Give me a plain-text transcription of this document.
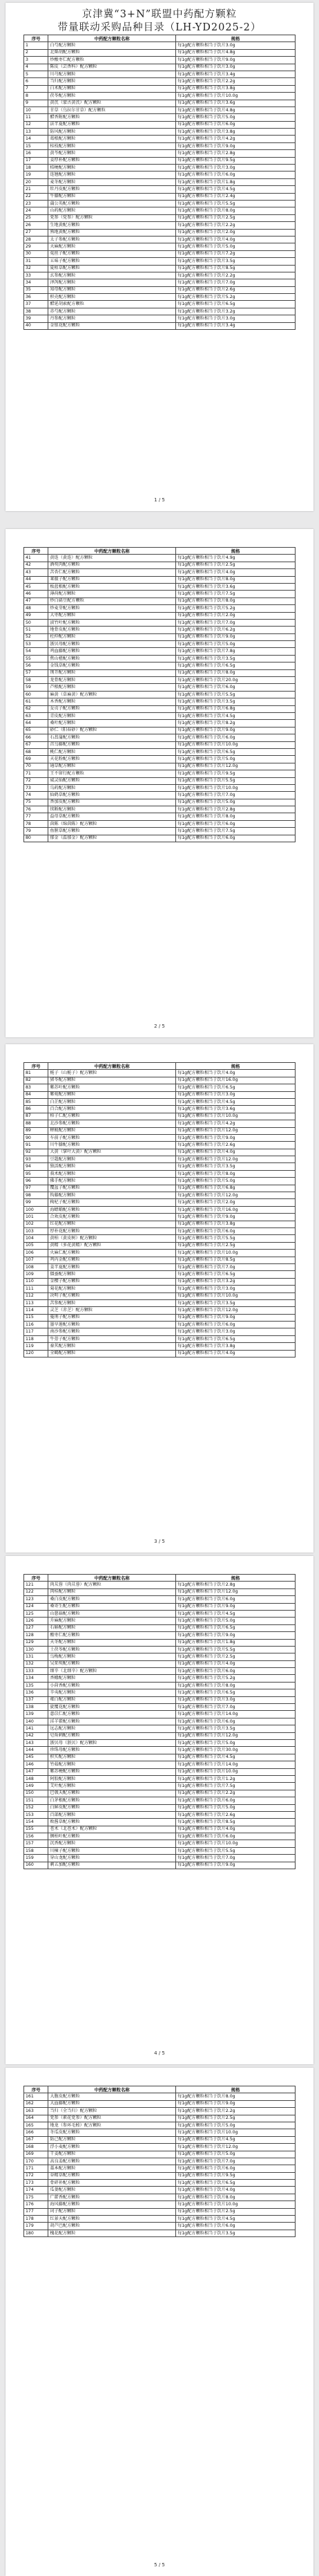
京津冀“3+N”联盟中药配方颗粒
带量联动采购品种目录（LH-YD2025-2）
序号	中药配方颗粒名称	规格
1	白芍配方颗粒	每1g配方颗粒相当于饮片3.0g
2	北柴胡配方颗粒	每1g配方颗粒相当于饮片4.8g
3	炒酸枣仁配方颗粒	每1g配方颗粒相当于饮片9.0g
4	陈皮（芸香科）配方颗粒	每1g配方颗粒相当于饮片3.0g
5	川芎配方颗粒	每1g配方颗粒相当于饮片3.4g
6	当归配方颗粒	每1g配方颗粒相当于饮片2.2g
7	白术配方颗粒	每1g配方颗粒相当于饮片3.8g
8	茯苓配方颗粒	每1g配方颗粒相当于饮片10.0g
9	黄芪（蒙古黄芪）配方颗粒	每1g配方颗粒相当于饮片3.6g
10	甘草（乌拉尔甘草）配方颗粒	每1g配方颗粒相当于饮片4.8g
11	醋香附配方颗粒	每1g配方颗粒相当于饮片5.0g
12	法半夏配方颗粒	每1g配方颗粒相当于饮片6.0g
13	防风配方颗粒	每1g配方颗粒相当于饮片3.8g
14	葛根配方颗粒	每1g配方颗粒相当于饮片4.2g
15	桂枝配方颗粒	每1g配方颗粒相当于饮片9.0g
16	黄芩配方颗粒	每1g配方颗粒相当于饮片2.8g
17	姜厚朴配方颗粒	每1g配方颗粒相当于饮片9.5g
18	桔梗配方颗粒	每1g配方颗粒相当于饮片3.0g
19	连翘配方颗粒	每1g配方颗粒相当于饮片6.0g
20	麦冬配方颗粒	每1g配方颗粒相当于饮片1.8g
21	牡丹皮配方颗粒	每1g配方颗粒相当于饮片4.5g
22	牛膝配方颗粒	每1g配方颗粒相当于饮片2.4g
23	蒲公英配方颗粒	每1g配方颗粒相当于饮片5.5g
24	山药配方颗粒	每1g配方颗粒相当于饮片8.0g
25	党参（党参）配方颗粒	每1g配方颗粒相当于饮片2.5g
26	生地黄配方颗粒	每1g配方颗粒相当于饮片2.2g
27	熟地黄配方颗粒	每1g配方颗粒相当于饮片2.0g
28	太子参配方颗粒	每1g配方颗粒相当于饮片4.0g
29	天麻配方颗粒	每1g配方颗粒相当于饮片5.0g
30	菟丝子配方颗粒	每1g配方颗粒相当于饮片7.2g
31	五味子配方颗粒	每1g配方颗粒相当于饮片3.5g
32	夏枯草配方颗粒	每1g配方颗粒相当于饮片8.5g
33	玄参配方颗粒	每1g配方颗粒相当于饮片2.2g
34	泽泻配方颗粒	每1g配方颗粒相当于饮片7.0g
35	知母配方颗粒	每1g配方颗粒相当于饮片2.6g
36	枳壳配方颗粒	每1g配方颗粒相当于饮片5.2g
37	醋延胡索配方颗粒	每1g配方颗粒相当于饮片6.5g
38	赤芍配方颗粒	每1g配方颗粒相当于饮片3.2g
39	丹参配方颗粒	每1g配方颗粒相当于饮片3.0g
40	金银花配方颗粒	每1g配方颗粒相当于饮片3.4g
1 / 5
序号	中药配方颗粒名称	规格
41	黄连（黄连）配方颗粒	每1g配方颗粒相当于饮片4.9g
42	酒萸肉配方颗粒	每1g配方颗粒相当于饮片2.5g
43	苦杏仁配方颗粒	每1g配方颗粒相当于饮片4.0g
44	莱菔子配方颗粒	每1g配方颗粒相当于饮片8.0g
45	板蓝根配方颗粒	每1g配方颗粒相当于饮片3.6g
46	薄荷配方颗粒	每1g配方颗粒相当于饮片7.5g
47	炒白扁豆配方颗粒	每1g配方颗粒相当于饮片8.0g
48	炒麦芽配方颗粒	每1g配方颗粒相当于饮片5.2g
49	大枣配方颗粒	每1g配方颗粒相当于饮片2.0g
50	淡竹叶配方颗粒	每1g配方颗粒相当于饮片7.0g
51	地骨皮配方颗粒	每1g配方颗粒相当于饮片6.2g
52	杜仲配方颗粒	每1g配方颗粒相当于饮片9.0g
53	浙贝母配方颗粒	每1g配方颗粒相当于饮片5.0g
54	鸡血藤配方颗粒	每1g配方颗粒相当于饮片7.8g
55	焦山楂配方颗粒	每1g配方颗粒相当于饮片3.5g
56	金钱草配方颗粒	每1g配方颗粒相当于饮片6.5g
57	荆芥配方颗粒	每1g配方颗粒相当于饮片8.0g
58	龙骨配方颗粒	每1g配方颗粒相当于饮片20.0g
59	芦根配方颗粒	每1g配方颗粒相当于饮片6.0g
60	麻黄（草麻黄）配方颗粒	每1g配方颗粒相当于饮片5.5g
61	木香配方颗粒	每1g配方颗粒相当于饮片3.5g
62	女贞子配方颗粒	每1g配方颗粒相当于饮片6.8g
63	青皮配方颗粒	每1g配方颗粒相当于饮片4.5g
64	桑叶配方颗粒	每1g配方颗粒相当于饮片8.2g
65	砂仁（阳春砂）配方颗粒	每1g配方颗粒相当于饮片9.0g
66	石菖蒲配方颗粒	每1g配方颗粒相当于饮片6.0g
67	首乌藤配方颗粒	每1g配方颗粒相当于饮片10.0g
68	桃仁配方颗粒	每1g配方颗粒相当于饮片6.5g
69	天花粉配方颗粒	每1g配方颗粒相当于饮片5.0g
70	通草配方颗粒	每1g配方颗粒相当于饮片12.0g
71	王不留行配方颗粒	每1g配方颗粒相当于饮片9.5g
72	威灵仙配方颗粒	每1g配方颗粒相当于饮片5.5g
73	乌药配方颗粒	每1g配方颗粒相当于饮片10.0g
74	仙鹤草配方颗粒	每1g配方颗粒相当于饮片7.0g
75	香加皮配方颗粒	每1g配方颗粒相当于饮片5.0g
76	续断配方颗粒	每1g配方颗粒相当于饮片2.8g
77	益母草配方颗粒	每1g配方颗粒相当于饮片8.0g
78	茵陈（绵茵陈）配方颗粒	每1g配方颗粒相当于饮片6.0g
79	鱼腥草配方颗粒	每1g配方颗粒相当于饮片7.5g
80	郁金（温郁金）配方颗粒	每1g配方颗粒相当于饮片6.0g
2 / 5
序号	中药配方颗粒名称	规格
81	栀子（山栀子）配方颗粒	每1g配方颗粒相当于饮片4.0g
82	猪苓配方颗粒	每1g配方颗粒相当于饮片16.0g
83	紫苏叶配方颗粒	每1g配方颗粒相当于饮片6.5g
84	紫菀配方颗粒	每1g配方颗粒相当于饮片3.0g
85	白芷配方颗粒	每1g配方颗粒相当于饮片4.5g
86	百合配方颗粒	每1g配方颗粒相当于饮片3.6g
87	柏子仁配方颗粒	每1g配方颗粒相当于饮片10.0g
88	北沙参配方颗粒	每1g配方颗粒相当于饮片4.2g
89	蝉蜕配方颗粒	每1g配方颗粒相当于饮片12.0g
90	车前子配方颗粒	每1g配方颗粒相当于饮片9.0g
91	川牛膝配方颗粒	每1g配方颗粒相当于饮片2.6g
92	大黄（掌叶大黄）配方颗粒	每1g配方颗粒相当于饮片4.0g
93	豆蔻配方颗粒	每1g配方颗粒相当于饮片12.0g
94	独活配方颗粒	每1g配方颗粒相当于饮片3.5g
95	莪术配方颗粒	每1g配方颗粒相当于饮片8.0g
96	佛手配方颗粒	每1g配方颗粒相当于饮片5.0g
97	覆盆子配方颗粒	每1g配方颗粒相当于饮片6.8g
98	钩藤配方颗粒	每1g配方颗粒相当于饮片12.0g
99	枸杞子配方颗粒	每1g配方颗粒相当于饮片2.0g
100	海螵蛸配方颗粒	每1g配方颗粒相当于饮片16.0g
101	合欢皮配方颗粒	每1g配方颗粒相当于饮片9.0g
102	红花配方颗粒	每1g配方颗粒相当于饮片3.8g
103	厚朴花配方颗粒	每1g配方颗粒相当于饮片6.0g
104	黄柏（黄皮树）配方颗粒	每1g配方颗粒相当于饮片5.5g
105	黄精（多花黄精）配方颗粒	每1g配方颗粒相当于饮片2.5g
106	火麻仁配方颗粒	每1g配方颗粒相当于饮片10.0g
107	鸡内金配方颗粒	每1g配方颗粒相当于饮片8.5g
108	姜半夏配方颗粒	每1g配方颗粒相当于饮片7.0g
109	僵蚕配方颗粒	每1g配方颗粒相当于饮片6.5g
110	金樱子配方颗粒	每1g配方颗粒相当于饮片3.2g
111	菊花配方颗粒	每1g配方颗粒相当于饮片3.0g
112	决明子配方颗粒	每1g配方颗粒相当于饮片10.0g
113	苦参配方颗粒	每1g配方颗粒相当于饮片3.5g
114	灵芝（赤芝）配方颗粒	每1g配方颗粒相当于饮片12.0g
115	蔓荆子配方颗粒	每1g配方颗粒相当于饮片9.0g
116	墨旱莲配方颗粒	每1g配方颗粒相当于饮片6.0g
117	南沙参配方颗粒	每1g配方颗粒相当于饮片3.0g
118	牛蒡子配方颗粒	每1g配方颗粒相当于饮片6.5g
119	秦艽配方颗粒	每1g配方颗粒相当于饮片3.8g
120	全蝎配方颗粒	每1g配方颗粒相当于饮片4.0g
3 / 5
序号	中药配方颗粒名称	规格
121	肉苁蓉（肉苁蓉）配方颗粒	每1g配方颗粒相当于饮片2.8g
122	肉桂配方颗粒	每1g配方颗粒相当于饮片12.0g
123	桑白皮配方颗粒	每1g配方颗粒相当于饮片6.0g
124	桑寄生配方颗粒	每1g配方颗粒相当于饮片9.0g
125	山慈菇配方颗粒	每1g配方颗粒相当于饮片4.5g
126	升麻配方颗粒	每1g配方颗粒相当于饮片5.0g
127	石斛配方颗粒	每1g配方颗粒相当于饮片6.5g
128	酸枣仁配方颗粒	每1g配方颗粒相当于饮片9.0g
129	天冬配方颗粒	每1g配方颗粒相当于饮片1.8g
130	土茯苓配方颗粒	每1g配方颗粒相当于饮片5.5g
131	乌梅配方颗粒	每1g配方颗粒相当于饮片2.5g
132	吴茱萸配方颗粒	每1g配方颗粒相当于饮片4.0g
133	细辛（北细辛）配方颗粒	每1g配方颗粒相当于饮片6.0g
134	香橼配方颗粒	每1g配方颗粒相当于饮片5.2g
135	小茴香配方颗粒	每1g配方颗粒相当于饮片8.0g
136	辛夷配方颗粒	每1g配方颗粒相当于饮片6.5g
137	薤白配方颗粒	每1g配方颗粒相当于饮片3.0g
138	旋覆花配方颗粒	每1g配方颗粒相当于饮片7.0g
139	薏苡仁配方颗粒	每1g配方颗粒相当于饮片14.0g
140	淫羊藿配方颗粒	每1g配方颗粒相当于饮片6.0g
141	远志配方颗粒	每1g配方颗粒相当于饮片3.5g
142	皂角刺配方颗粒	每1g配方颗粒相当于饮片12.0g
143	浙贝母（浙贝）配方颗粒	每1g配方颗粒相当于饮片5.0g
144	珍珠母配方颗粒	每1g配方颗粒相当于饮片30.0g
145	枳实配方颗粒	每1g配方颗粒相当于饮片4.5g
146	竹茹配方颗粒	每1g配方颗粒相当于饮片14.0g
147	紫苏梗配方颗粒	每1g配方颗粒相当于饮片10.0g
148	阿胶配方颗粒	每1g配方颗粒相当于饮片1.2g
149	艾叶配方颗粒	每1g配方颗粒相当于饮片7.5g
150	巴戟天配方颗粒	每1g配方颗粒相当于饮片2.2g
151	白茅根配方颗粒	每1g配方颗粒相当于饮片6.0g
152	白鲜皮配方颗粒	每1g配方颗粒相当于饮片5.0g
153	百部配方颗粒	每1g配方颗粒相当于饮片2.6g
154	败酱草配方颗粒	每1g配方颗粒相当于饮片8.5g
155	苍术（北苍术）配方颗粒	每1g配方颗粒相当于饮片4.0g
156	侧柏叶配方颗粒	每1g配方颗粒相当于饮片6.0g
157	沉香配方颗粒	每1g配方颗粒相当于饮片10.0g
158	川楝子配方颗粒	每1g配方颗粒相当于饮片5.5g
159	穿山龙配方颗粒	每1g配方颗粒相当于饮片7.0g
160	刺五加配方颗粒	每1g配方颗粒相当于饮片9.0g
4 / 5
序号	中药配方颗粒名称	规格
161	大腹皮配方颗粒	每1g配方颗粒相当于饮片8.0g
162	大血藤配方颗粒	每1g配方颗粒相当于饮片9.0g
163	当归（全当归）配方颗粒	每1g配方颗粒相当于饮片2.2g
164	党参（素花党参）配方颗粒	每1g配方颗粒相当于饮片2.5g
165	地龙（参环毛蚓）配方颗粒	每1g配方颗粒相当于饮片5.0g
166	冬瓜皮配方颗粒	每1g配方颗粒相当于饮片10.0g
167	防己配方颗粒	每1g配方颗粒相当于饮片4.5g
168	浮小麦配方颗粒	每1g配方颗粒相当于饮片12.0g
169	干姜配方颗粒	每1g配方颗粒相当于饮片5.0g
170	高良姜配方颗粒	每1g配方颗粒相当于饮片7.0g
171	藁本配方颗粒	每1g配方颗粒相当于饮片6.0g
172	谷精草配方颗粒	每1g配方颗粒相当于饮片9.5g
173	骨碎补配方颗粒	每1g配方颗粒相当于饮片6.5g
174	瓜蒌配方颗粒	每1g配方颗粒相当于饮片4.0g
175	广藿香配方颗粒	每1g配方颗粒相当于饮片8.0g
176	海风藤配方颗粒	每1g配方颗粒相当于饮片10.0g
177	诃子配方颗粒	每1g配方颗粒相当于饮片2.5g
178	红景天配方颗粒	每1g配方颗粒相当于饮片4.5g
179	胡芦巴配方颗粒	每1g配方颗粒相当于饮片6.0g
180	槐花配方颗粒	每1g配方颗粒相当于饮片3.5g
5 / 5
